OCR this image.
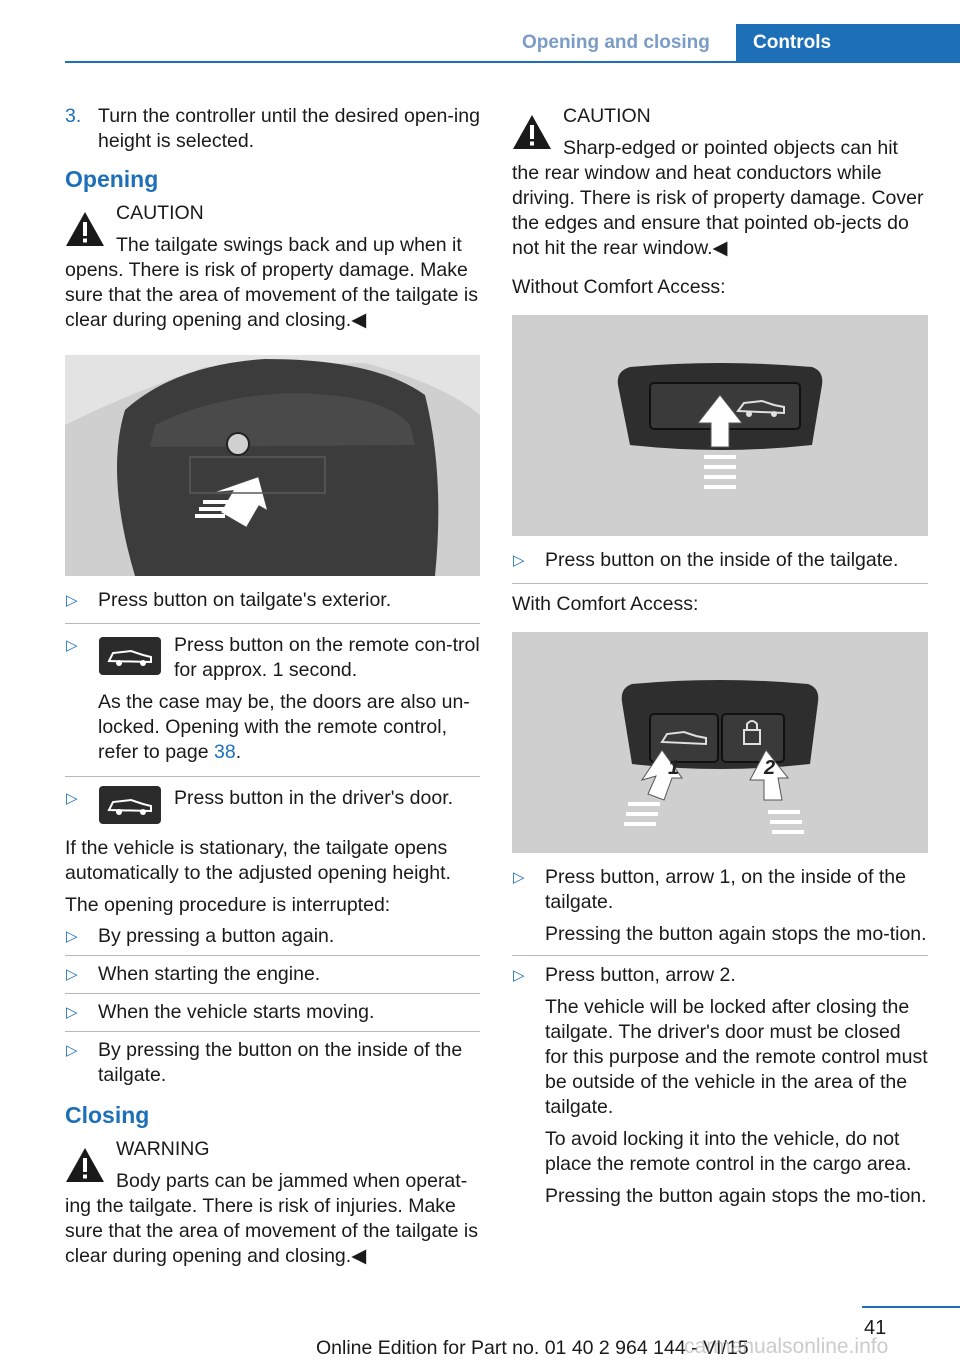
Opening and closing	Controls
3. Turn the controller until the desired open‐ing height is selected.

Opening
CAUTION
The tailgate swings back and up when it opens. There is risk of property damage. Make sure that the area of movement of the tailgate is clear during opening and closing.◀
▷ Press button on tailgate's exterior.

▷	Press button on the remote con‐trol for approx. 1 second.

As the case may be, the doors are also un‐locked. Opening with the remote control, refer to page 38.

▷	Press button in the driver's door.

If the vehicle is stationary, the tailgate opens automatically to the adjusted opening height.

The opening procedure is interrupted:

▷ By pressing a button again.

▷ When starting the engine.

▷ When the vehicle starts moving.

▷ By pressing the button on the inside of the tailgate.

Closing
WARNING
Body parts can be jammed when operat‐ing the tailgate. There is risk of injuries. Make sure that the area of movement of the tailgate is clear during opening and closing.◀
CAUTION
Sharp-edged or pointed objects can hit the rear window and heat conductors while driving. There is risk of property damage. Cover the edges and ensure that pointed ob‐jects do not hit the rear window.◀

Without Comfort Access:

▷ Press button on the inside of the tailgate.

With Comfort Access:

1	2
▷ Press button, arrow 1, on the inside of the tailgate.

Pressing the button again stops the mo‐tion.

▷ Press button, arrow 2.

The vehicle will be locked after closing the tailgate. The driver's door must be closed for this purpose and the remote control must be outside of the vehicle in the area of the tailgate.

To avoid locking it into the vehicle, do not place the remote control in the cargo area.

Pressing the button again stops the mo‐tion.

41
Online Edition for Part no. 01 40 2 964 144 - VI/15
carmanualsonline.info
